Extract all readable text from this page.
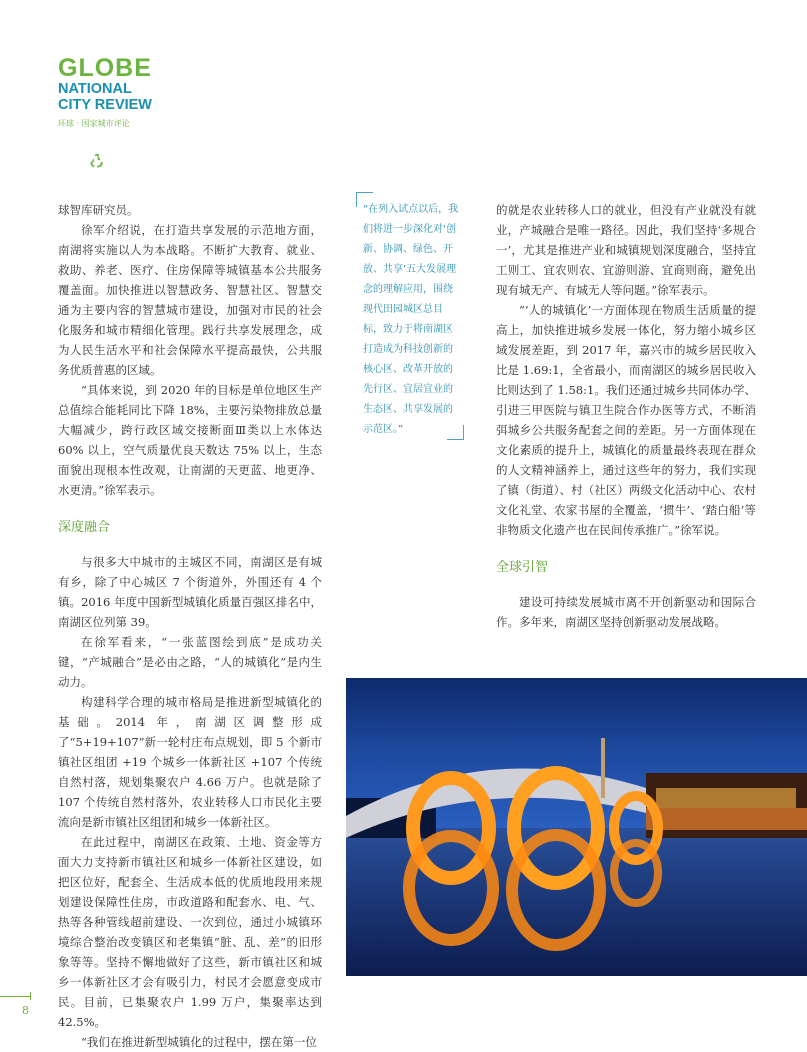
GLOBE
NATIONAL
CITY REVIEW
环球 · 国家城市评论

球智库研究员。

徐军介绍说，在打造共享发展的示范地方面，南湖将实施以人为本战略。不断扩大教育、就业、救助、养老、医疗、住房保障等城镇基本公共服务覆盖面。加快推进以智慧政务、智慧社区、智慧交通为主要内容的智慧城市建设，加强对市民的社会化服务和城市精细化管理。践行共享发展理念，成为人民生活水平和社会保障水平提高最快，公共服务优质普惠的区域。

“具体来说，到 2020 年的目标是单位地区生产总值综合能耗同比下降 18%，主要污染物排放总量大幅减少，跨行政区域交接断面Ⅲ类以上水体达 60% 以上，空气质量优良天数达 75% 以上，生态面貌出现根本性改观，让南湖的天更蓝、地更净、水更清。”徐军表示。

深度融合

与很多大中城市的主城区不同，南湖区是有城有乡，除了中心城区 7 个街道外，外围还有 4 个镇。2016 年度中国新型城镇化质量百强区排名中，南湖区位列第 39。

在徐军看来，“一张蓝图绘到底”是成功关键，“产城融合”是必由之路，“人的城镇化”是内生动力。

构建科学合理的城市格局是推进新型城镇化的基础。2014 年，南湖区调整形成了“5+19+107”新一轮村庄布点规划，即 5 个新市镇社区组团 +19 个城乡一体新社区 +107 个传统自然村落，规划集聚农户 4.66 万户。也就是除了107 个传统自然村落外，农业转移人口市民化主要流向是新市镇社区组团和城乡一体新社区。

在此过程中，南湖区在政策、土地、资金等方面大力支持新市镇社区和城乡一体新社区建设，如把区位好，配套全、生活成本低的优质地段用来规划建设保障性住房，市政道路和配套水、电、气、热等各种管线超前建设、一次到位，通过小城镇环境综合整治改变镇区和老集镇“脏、乱、差”的旧形象等等。坚持不懈地做好了这些，新市镇社区和城乡一体新社区才会有吸引力，村民才会愿意变成市民。目前，已集聚农户 1.99 万户，集聚率达到 42.5%。

“我们在推进新型城镇化的过程中，摆在第一位

“在列入试点以后，我们将进一步深化对‘创新、协调、绿色、开放、共享’五大发展理念的理解应用，围绕现代田园城区总目标，致力于将南湖区打造成为科技创新的核心区、改革开放的先行区、宜居宜业的生态区、共享发展的示范区。”

的就是农业转移人口的就业，但没有产业就没有就业，产城融合是唯一路径。因此，我们坚持‘多规合一’，尤其是推进产业和城镇规划深度融合，坚持宜工则工、宜农则农、宜游则游、宜商则商，避免出现有城无产、有城无人等问题。”徐军表示。

“‘人的城镇化’一方面体现在物质生活质量的提高上，加快推进城乡发展一体化，努力缩小城乡区域发展差距，到 2017 年，嘉兴市的城乡居民收入比是 1.69:1，全省最小，而南湖区的城乡居民收入比则达到了 1.58:1。我们还通过城乡共同体办学、引进三甲医院与镇卫生院合作办医等方式，不断消弭城乡公共服务配套之间的差距。另一方面体现在文化素质的提升上，城镇化的质量最终表现在群众的人文精神涵养上，通过这些年的努力，我们实现了镇（街道）、村（社区）两级文化活动中心、农村文化礼堂、农家书屋的全覆盖，‘掼牛’、‘踏白船’等非物质文化遗产也在民间传承推广。”徐军说。

全球引智

建设可持续发展城市离不开创新驱动和国际合作。多年来，南湖区坚持创新驱动发展战略。

8
